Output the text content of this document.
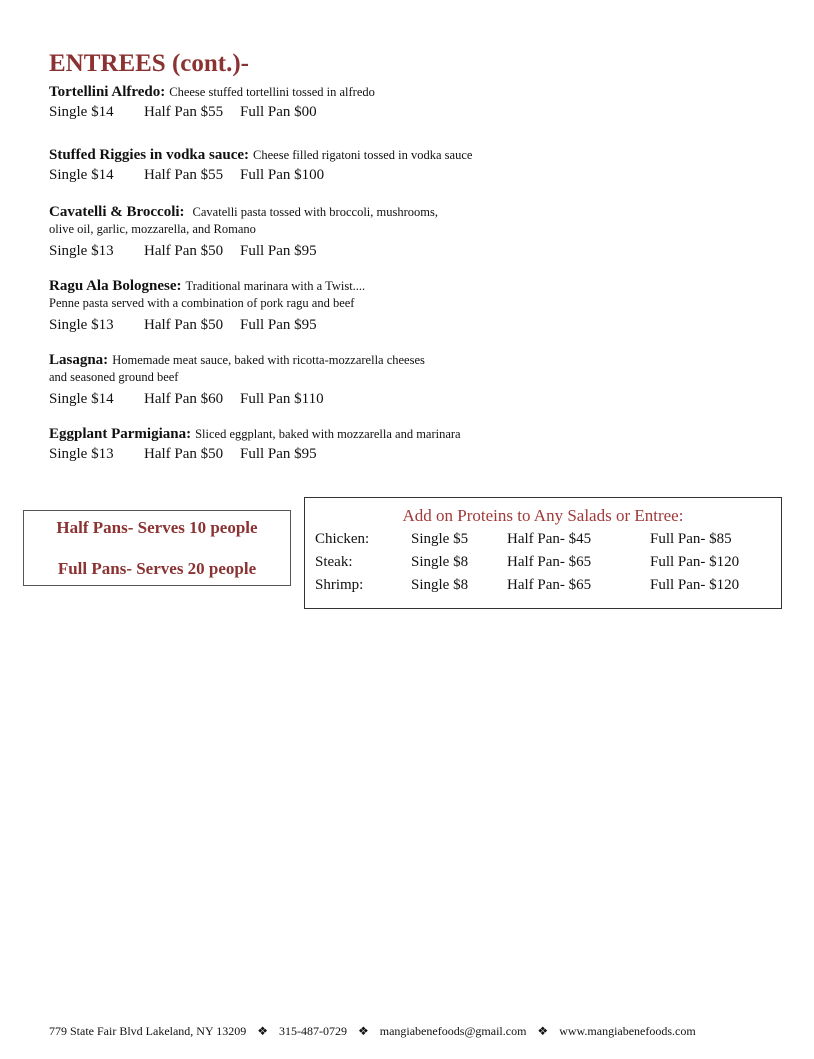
ENTREES (cont.)-
Tortellini Alfredo: Cheese stuffed tortellini tossed in alfredo
Single $14 Half Pan $55 Full Pan $00
Stuffed Riggies in vodka sauce: Cheese filled rigatoni tossed in vodka sauce
Single $14 Half Pan $55 Full Pan $100
Cavatelli & Broccoli: Cavatelli pasta tossed with broccoli, mushrooms,
olive oil, garlic, mozzarella, and Romano
Single $13 Half Pan $50 Full Pan $95
Ragu Ala Bolognese: Traditional marinara with a Twist....
Penne pasta served with a combination of pork ragu and beef
Single $13 Half Pan $50 Full Pan $95
Lasagna: Homemade meat sauce, baked with ricotta-mozzarella cheeses
and seasoned ground beef
Single $14 Half Pan $60 Full Pan $110
Eggplant Parmigiana: Sliced eggplant, baked with mozzarella and marinara
Single $13 Half Pan $50 Full Pan $95
Half Pans- Serves 10 people
Full Pans- Serves 20 people
Add on Proteins to Any Salads or Entree:
Chicken:	Single $5	Half Pan- $45	Full Pan- $85
Steak:	Single $8	Half Pan- $65	Full Pan- $120
Shrimp:	Single $8	Half Pan- $65	Full Pan- $120
779 State Fair Blvd Lakeland, NY 13209 ❖ 315-487-0729 ❖ mangiabenefoods@gmail.com ❖ www.mangiabenefoods.com
